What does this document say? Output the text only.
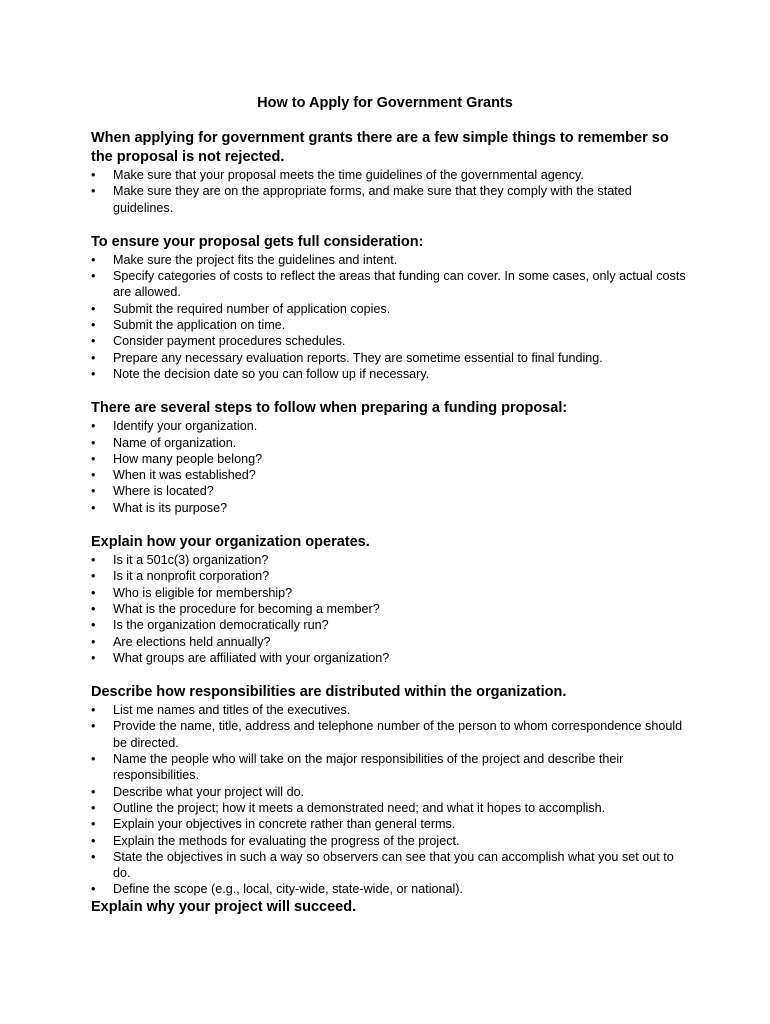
How to Apply for Government Grants
When applying for government grants there are a few simple things to remember so the proposal is not rejected.
• Make sure that your proposal meets the time guidelines of the governmental agency.
• Make sure they are on the appropriate forms, and make sure that they comply with the stated guidelines.
To ensure your proposal gets full consideration:
• Make sure the project fits the guidelines and intent.
• Specify categories of costs to reflect the areas that funding can cover. In some cases, only actual costs are allowed.
• Submit the required number of application copies.
• Submit the application on time.
• Consider payment procedures schedules.
• Prepare any necessary evaluation reports. They are sometime essential to final funding.
• Note the decision date so you can follow up if necessary.
There are several steps to follow when preparing a funding proposal:
• Identify your organization.
• Name of organization.
• How many people belong?
• When it was established?
• Where is located?
• What is its purpose?
Explain how your organization operates.
• Is it a 501c(3) organization?
• Is it a nonprofit corporation?
• Who is eligible for membership?
• What is the procedure for becoming a member?
• Is the organization democratically run?
• Are elections held annually?
• What groups are affiliated with your organization?
Describe how responsibilities are distributed within the organization.
• List me names and titles of the executives.
• Provide the name, title, address and telephone number of the person to whom correspondence should be directed.
• Name the people who will take on the major responsibilities of the project and describe their responsibilities.
• Describe what your project will do.
• Outline the project; how it meets a demonstrated need; and what it hopes to accomplish.
• Explain your objectives in concrete rather than general terms.
• Explain the methods for evaluating the progress of the project.
• State the objectives in such a way so observers can see that you can accomplish what you set out to do.
• Define the scope (e.g., local, city-wide, state-wide, or national).
Explain why your project will succeed.
